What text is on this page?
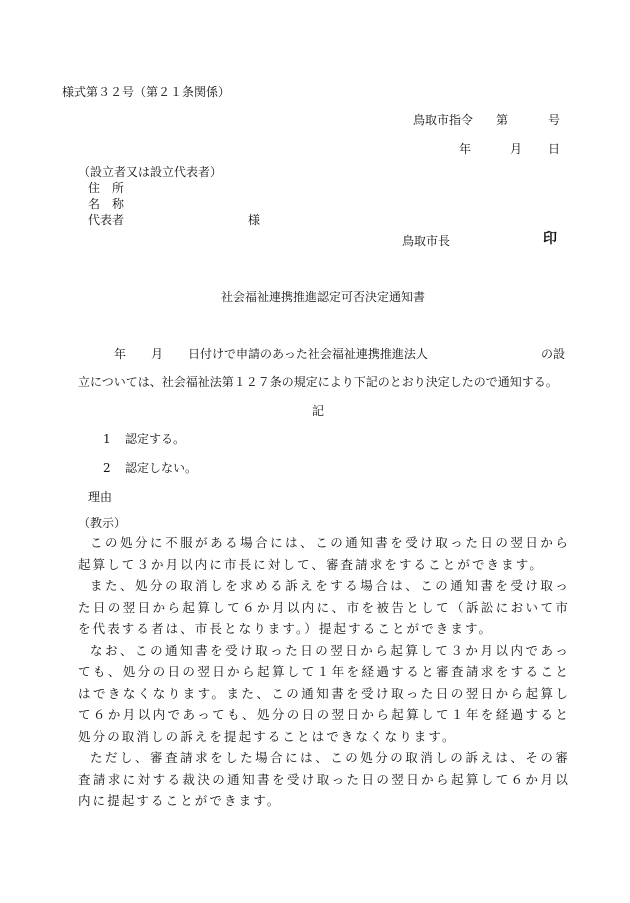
様式第３２号（第２１条関係）
鳥取市指令 第	号
年	月 日
（設立者又は設立代表者）
住　所
名　称
代表者	様
鳥取市長	印
社会福祉連携推進認定可否決定通知書
年 月 日付けで申請のあった社会福祉連携推進法人	の設
立については、社会福祉法第１２７条の規定により下記のとおり決定したので通知する。
記
1 認定する。
2 認定しない。
理由
（教示）

この処分に不服がある場合には、この通知書を受け取った日の翌日から起算して３か月以内に市長に対して、審査請求をすることができます。

また、処分の取消しを求める訴えをする場合は、この通知書を受け取った日の翌日から起算して６か月以内に、市を被告として（訴訟において市を代表する者は、市長となります。）提起することができます。

なお、この通知書を受け取った日の翌日から起算して３か月以内であっても、処分の日の翌日から起算して１年を経過すると審査請求をすることはできなくなります。また、この通知書を受け取った日の翌日から起算して６か月以内であっても、処分の日の翌日から起算して１年を経過すると処分の取消しの訴えを提起することはできなくなります。

ただし、審査請求をした場合には、この処分の取消しの訴えは、その審査請求に対する裁決の通知書を受け取った日の翌日から起算して６か月以内に提起することができます。
